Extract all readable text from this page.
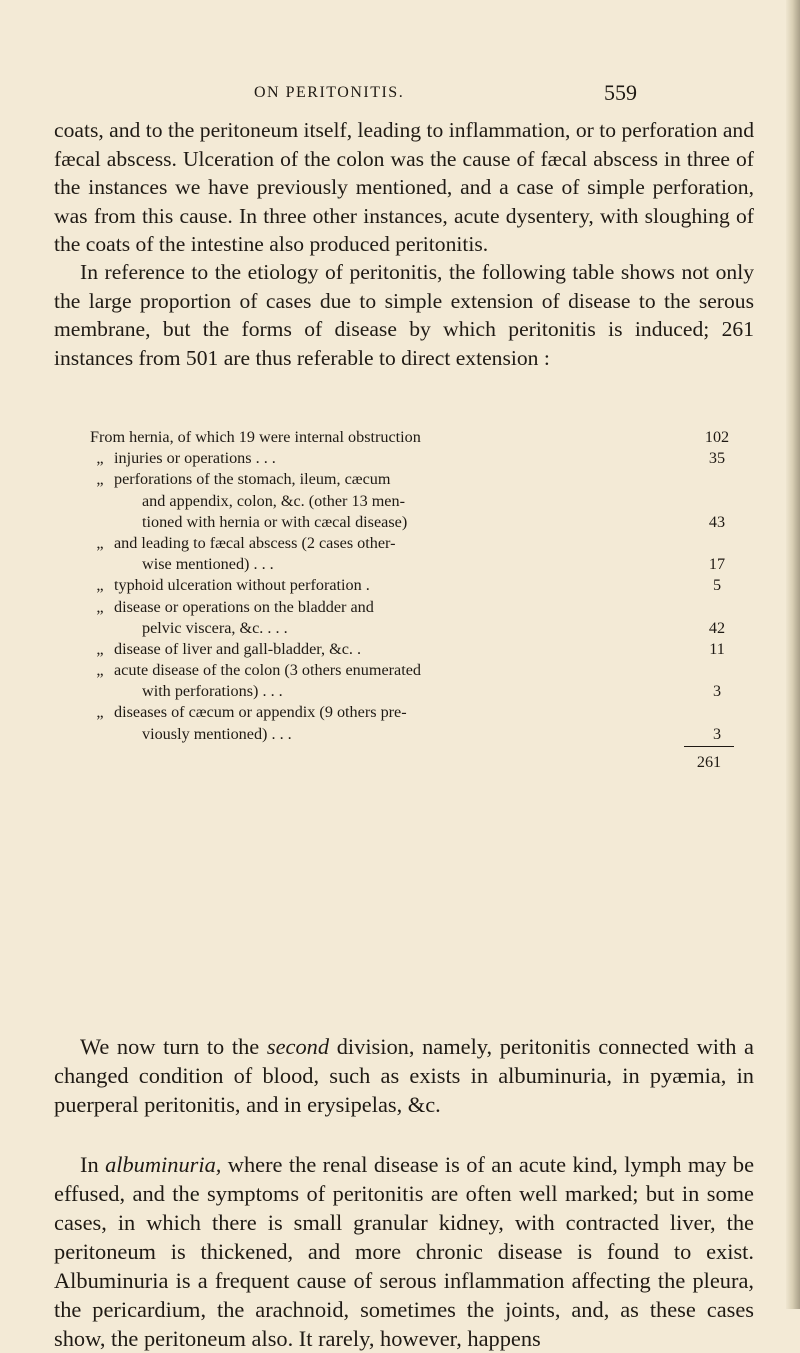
ON PERITONITIS.	559

coats, and to the peritoneum itself, leading to inflammation, or to perforation and fæcal abscess. Ulceration of the colon was the cause of fæcal abscess in three of the instances we have previously mentioned, and a case of simple perforation, was from this cause. In three other instances, acute dysentery, with sloughing of the coats of the intestine also produced peritonitis.

In reference to the etiology of peritonitis, the following table shows not only the large proportion of cases due to simple extension of disease to the serous membrane, but the forms of disease by which peritonitis is induced; 261 instances from 501 are thus referable to direct extension :

From hernia, of which 19 were internal obstruction	102
„ injuries or operations . . .	35
„ perforations of the stomach, ileum, cæcum
and appendix, colon, &c. (other 13 men-
tioned with hernia or with cæcal disease)	43
„ and leading to fæcal abscess (2 cases other-
wise mentioned) . . .	17
„ typhoid ulceration without perforation .	5
„ disease or operations on the bladder and
pelvic viscera, &c. . . .	42
„ disease of liver and gall-bladder, &c. .	11
„ acute disease of the colon (3 others enumerated
with perforations) . . .	3
„ diseases of cæcum or appendix (9 others pre-
viously mentioned) . . .	3
261

We now turn to the second division, namely, peritonitis connected with a changed condition of blood, such as exists in albuminuria, in pyæmia, in puerperal peritonitis, and in erysipelas, &c.

In albuminuria, where the renal disease is of an acute kind, lymph may be effused, and the symptoms of peritonitis are often well marked; but in some cases, in which there is small granular kidney, with contracted liver, the peritoneum is thickened, and more chronic disease is found to exist. Albuminuria is a frequent cause of serous inflammation affecting the pleura, the pericardium, the arachnoid, sometimes the joints, and, as these cases show, the peritoneum also. It rarely, however, happens
